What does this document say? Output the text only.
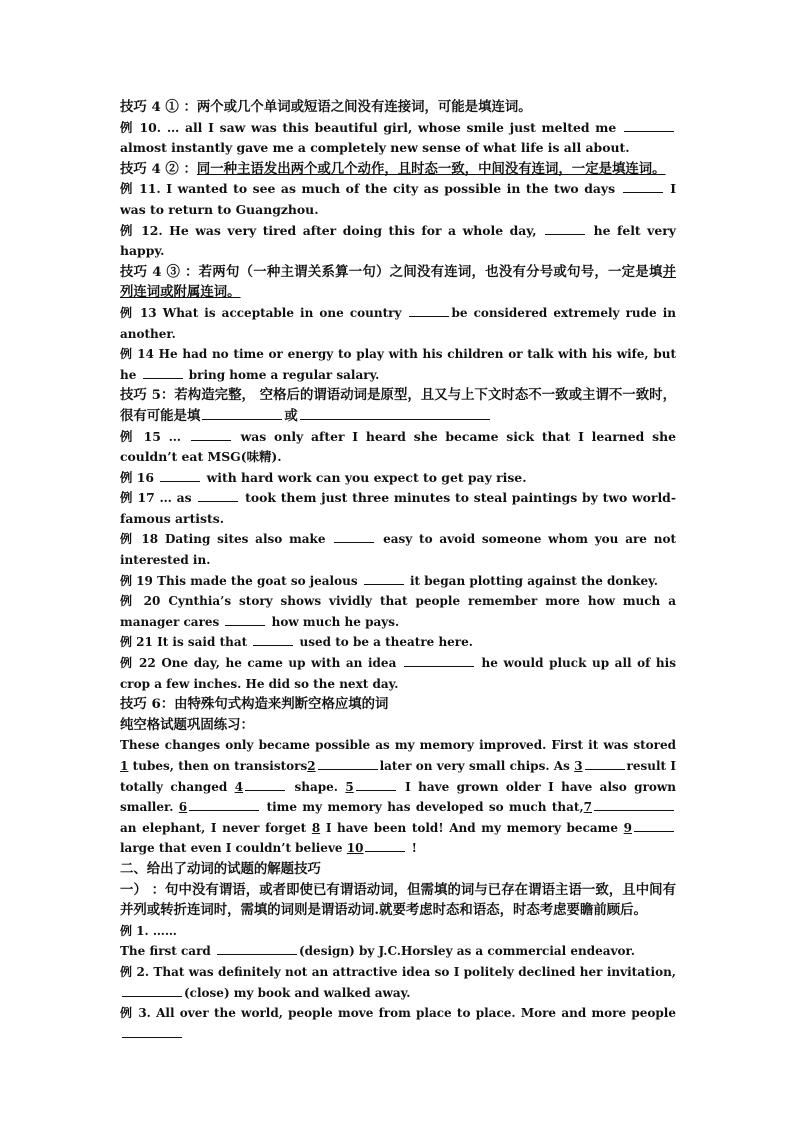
技巧 4 ① ：两个或几个单词或短语之间没有连接词，可能是填连词。

例 10. … all I saw was this beautiful girl, whose smile just melted me  almost instantly gave me a completely new sense of what life is all about.

技巧 4 ② ：同一种主语发出两个或几个动作，且时态一致，中间没有连词，一定是填连词。

例 11. I wanted to see as much of the city as possible in the two days	I was to return to Guangzhou.

例 12. He was very tired after doing this for a whole day,	he felt very happy.

技巧 4 ③ ：若两句（一种主谓关系算一句）之间没有连词，也没有分号或句号，一定是填并列连词或附属连词。

例 13 What is acceptable in one country	be considered extremely rude in another.

例 14 He had no time or energy to play with his children or talk with his wife, but he	bring home a regular salary.

技巧 5：若构造完整， 空格后的谓语动词是原型，且又与上下文时态不一致或主谓不一致时，很有可能是填	或

例 15 …	was only after I heard she became sick that I learned she couldn’t eat MSG(味精).

例 16	with hard work can you expect to get pay rise.

例 17 … as	took them just three minutes to steal paintings by two world-famous artists.

例 18 Dating sites also make	easy to avoid someone whom you are not interested in.

例 19 This made the goat so jealous	it began plotting against the donkey.

例 20 Cynthia’s story shows vividly that people remember more how much a manager cares	how much he pays.

例 21 It is said that	used to be a theatre here.

例 22 One day, he came up with an idea	he would pluck up all of his crop a few inches. He did so the next day.

技巧 6：由特殊句式构造来判断空格应填的词

纯空格试题巩固练习：

These changes only became possible as my memory improved. First it was stored 1 tubes, then on transistors2	later on very small chips. As 3	result I totally changed 4	shape. 5	I have grown older I have also grown smaller. 6	time my memory has developed so much that,7 an elephant, I never forget 8 I have been told! And my memory became 9large that even I couldn’t believe 10	!

二、给出了动词的试题的解题技巧

一） ：句中没有谓语，或者即使已有谓语动词，但需填的词与已存在谓语主语一致，且中间有并列或转折连词时，需填的词则是谓语动词.就要考虑时态和语态，时态考虑要瞻前顾后。

例 1. ……

The first card	(design) by J.C.Horsley as a commercial endeavor.

例 2. That was definitely not an attractive idea so I politely declined her invitation, (close) my book and walked away.

例 3. All over the world, people move from place to place. More and more people
